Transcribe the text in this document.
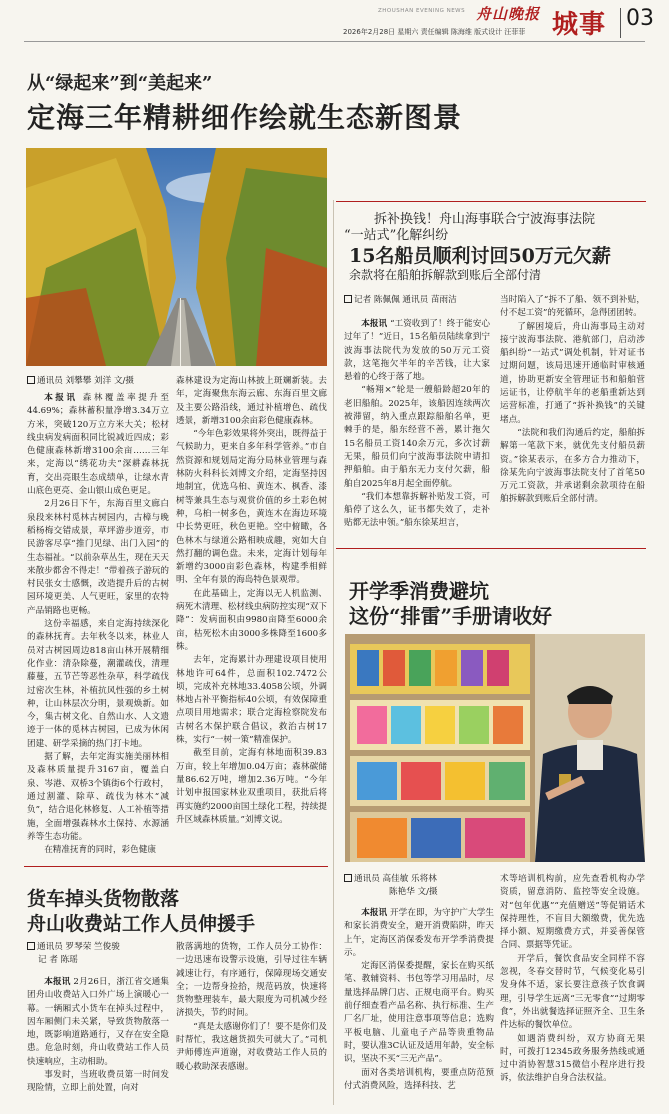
ZHOUSHAN EVENING NEWS 舟山晚报
2026年2月28日 星期六 责任编辑 陈海维 版式设计 汪菲菲 城事 03
从“绿起来”到“美起来”
定海三年精耕细作绘就生态新图景
通讯员 刘攀攀 刘洋 文/摄

本报讯 森林覆盖率提升至44.69%；森林蓄积量净增3.34万立方米，突破120万立方米大关；松材线虫病发病面积同比锐减近四成；彩色健康森林新增3100余亩……三年来，定海以“绣花功夫”深耕森林抚育，交出亮眼生态成绩单，让绿水青山底色更亮、金山银山成色更足。

2月26日下午，东海百里文廊白泉段来林村觅林古树园内，古樟与晚稻杨梅交错成景，草坪游步道旁，市民游客尽享“推门见绿、出门入园”的生态福祉。“以前杂草丛生，现在天天来散步都舍不得走！”带着孩子游玩的村民张女士感慨，改造提升后的古树园环境更美、人气更旺，家里的农特产品销路也更畅。

这份幸福感，来自定海持续深化的森林抚育。去年秋冬以来，林业人员对古树园周边818亩山林开展精细化作业：清杂除蔓，潮灌疏伐，清理藤蔓，五节芒等恶性杂草，科学疏伐过密次生林，补植抗风性强的乡土树种，让山林层次分明，景观焕新。如今，集古树文化、自然山水、人文遗迹于一体的觅林古树园，已成为休闲团建、研学采摘的热门打卡地。

据了解，去年定海实施美丽林相及森林质量提升3167亩，覆盖白泉、岑港、双桥3个镇街6个行政村，通过割灌、除草、疏伐为林木“减负”，结合退化林修复、人工补植等措施，全面增强森林水土保持、水源涵养等生态功能。

在精准抚育的同时，彩色健康

森林建设为定海山林披上斑斓新装。去年，定海聚焦东海云廊、东海百里文廊及主要公路沿线，通过补植增色、疏伐透景，新增3100余亩彩色健康森林。

“今年色彩效果将外突出，既得益于气候助力，更来自多年科学管养。”市自然资源和规划局定海分局林业管理与森林防火科科长刘博文介绍，定海坚持因地制宜，优选乌桕、黄连木、枫香、漆树等兼具生态与观赏价值的乡土彩色树种，乌桕一树多色，黄连木在海边环境中长势更旺，秋色更艳。空中俯瞰，各色林木与绿道公路相映成趣，宛如大自然打翻的调色盘。未来，定海计划每年新增约3000亩彩色森林，构建季相鲜明、全年有景的海岛特色景观带。

在此基础上，定海以无人机监测、病死木清理、松材线虫病防控实现“双下降”：发病面积由9980亩降至6000余亩，枯死松木由3000多株降至1600多株。

去年，定海累计办理建设项目使用林地许可64件，总面积102.7472公顷，完成补充林地33.4058公顷，外调林地占补平衡指标40公顷，有效保障重点项目用地需求；联合定海检察院发布古树名木保护联合倡议，救治古树17株，实行“一树一策”精准保护。

截至目前，定海有林地面积39.83万亩，较上年增加0.04万亩；森林碳储量86.62万吨，增加2.36万吨。“今年计划申报国家林业双重项目，获批后将再实施约2000亩国土绿化工程，持续提升区域森林质量。”刘博文说。

拆补换钱！舟山海事联合宁波海事法院
“一站式”化解纠纷
15名船员顺利讨回50万元欠薪
余款将在船舶拆解款到账后全部付清
记者 陈佩佩 通讯员 苗雨洁

本报讯 “工资收到了！终于能安心过年了！”近日，15名船员陆续拿到宁波海事法院代为发放的50万元工资款，这笔拖欠半年的辛苦钱，让大家悬着的心终于落了地。

“畅翔×”轮是一艘船龄超20年的老旧船舶。2025年，该船因连续两次被滞留，纳入重点跟踪船舶名单，更棘手的是，船东经营不善，累计拖欠15名船员工资140余万元，多次讨薪无果，船员们向宁波海事法院申请扣押船舶。由于船东无力支付欠薪，船舶自2025年8月起全面停航。

“我们本想靠拆解补贴发工资，可船停了这么久，证书都失效了，走补贴都无法申领。”船东徐某坦言，

当时陷入了“拆不了船、领不到补贴，付不起工资”的死循环，急得团团转。

了解困境后，舟山海事局主动对接宁波海事法院、港航部门，启动涉船纠纷“一站式”调处机制，针对证书过期问题，该局迅速开通临时审核通道，协助更新安全管理证书和船舶营运证书，让停航半年的老船重新达到运营标准，打通了“拆补换钱”的关键堵点。

“法院和我们沟通后约定，船舶拆解第一笔款下来，就优先支付船员薪资。”徐某表示，在多方合力推动下，徐某先向宁波海事法院支付了首笔50万元工资款，并承诺剩余款项待在船舶拆解款到账后全部付清。

开学季消费避坑
这份“排雷”手册请收好
通讯员 高佳敏 乐将林
陈艳华 文/摄

本报讯 开学在即，为守护广大学生和家长消费安全，避开消费陷阱，昨天上午，定海区消保委发布开学季消费提示。

定海区消保委提醒，家长在购买纸笔、教辅资料、书包等学习用品时，尽量选择品牌门店、正规电商平台。购买前仔细查看产品名称、执行标准、生产厂名厂址，使用注意事项等信息；选购平板电脑、儿童电子产品等贵重物品时，要认准3C认证及适用年龄，安全标识，坚决不买“三无产品”。

面对各类培训机构，要重点防范预付式消费风险，选择科技、艺

术等培训机构前，应先查看机构办学资质，留意消防、监控等安全设施。对“包年优惠”“充值赠送”等促销话术保持理性，不盲目大额缴费，优先选择小额、短期缴费方式，并妥善保管合同、票据等凭证。

开学后，餐饮食品安全同样不容忽视，冬春交替时节，气候变化易引发身体不适，家长要注意孩子饮食调理，引导学生远离“三无零食”“过期零食”，外出就餐选择证照齐全、卫生条件达标的餐饮单位。

如遇消费纠纷，双方协商无果时，可拨打12345政务服务热线或通过中消协智慧315微信小程序进行投诉，依法维护自身合法权益。

货车掉头货物散落
舟山收费站工作人员伸援手
通讯员 罗琴荣 竺俊骏
记 者 陈瑶

本报讯 2月26日，浙江省交通集团舟山收费站入口外广场上演暖心一幕。一辆厢式小货车在掉头过程中，因车厢侧门未关紧，导致货物散落一地，既影响道路通行，又存在安全隐患。危急时刻，舟山收费站工作人员快速响应，主动相助。

事发时，当班收费员第一时间发现险情，立即上前处置，向对

散落满地的货物，工作人员分工协作：一边迅速布设警示设施，引导过往车辆减速让行，有序通行，保障现场交通安全；一边帮身捡拾，规范码放，快速将货物整理装车，最大限度为司机减少经济损失，节约时间。

“真是太感谢你们了！要不是你们及时帮忙，我这趟货损失可就大了。”司机尹师傅连声道谢，对收费站工作人员的暖心救助深表感谢。
